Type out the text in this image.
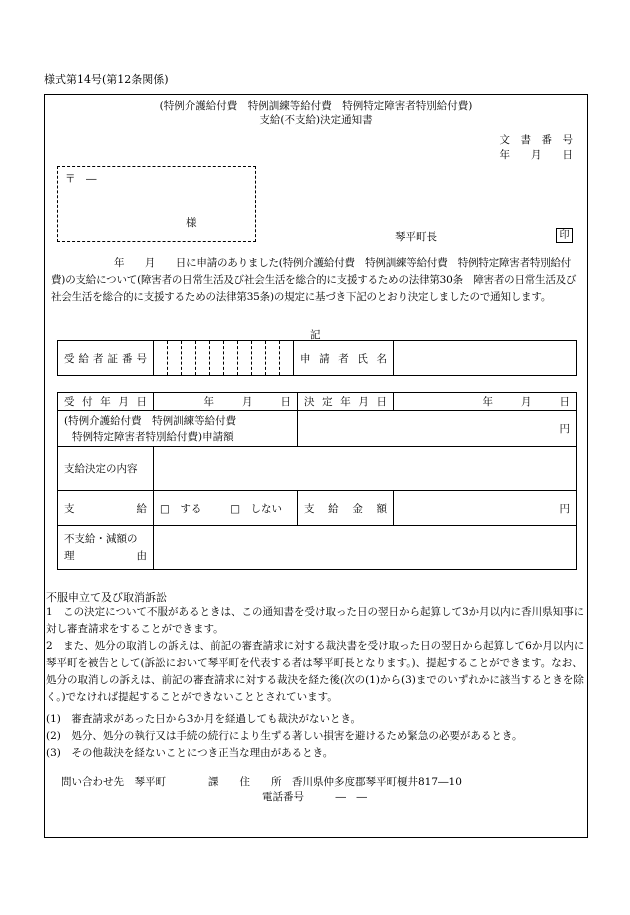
様式第14号(第12条関係)
(特例介護給付費　特例訓練等給付費　特例特定障害者特別給付費)
支給(不支給)決定通知書
文　書　番　号
年　　月　　日
〒　―
様
琴平町長	印
年　　月　　日に申請のありました(特例介護給付費　特例訓練等給付費　特例特定障害者特別給付費)の支給について(障害者の日常生活及び社会生活を総合的に支援するための法律第30条　障害者の日常生活及び社会生活を総合的に支援するための法律第35条)の規定に基づき下記のとおり決定しましたので通知します。
記
受 給 者 証 番 号		申 請 者 氏 名

受 付 年 月 日	年 月 日	決 定 年 月 日	年 月 日

(特例介護給付費　特例訓練等給付費
特例特定障害者特別給付費)申請額		円	
支給決定の内容			

支 給	□　する □　しない	支 給 金 額	円

不支給・減額の
理 由			

不服申立て及び取消訴訟
1　この決定について不服があるときは、この通知書を受け取った日の翌日から起算して3か月以内に香川県知事に対し審査請求をすることができます。
2　また、処分の取消しの訴えは、前記の審査請求に対する裁決書を受け取った日の翌日から起算して6か月以内に琴平町を被告として(訴訟において琴平町を代表する者は琴平町長となります。)、提起することができます。なお、処分の取消しの訴えは、前記の審査請求に対する裁決を経た後(次の(1)から(3)までのいずれかに該当するときを除く。)でなければ提起することができないこととされています。
(1)　審査請求があった日から3か月を経過しても裁決がないとき。
(2)　処分、処分の執行又は手続の続行により生ずる著しい損害を避けるため緊急の必要があるとき。
(3)　その他裁決を経ないことにつき正当な理由があるとき。
問い合わせ先　琴平町　　　　課　　住　　所　香川県仲多度郡琴平町榎井817―10
電話番号　　　―　―
